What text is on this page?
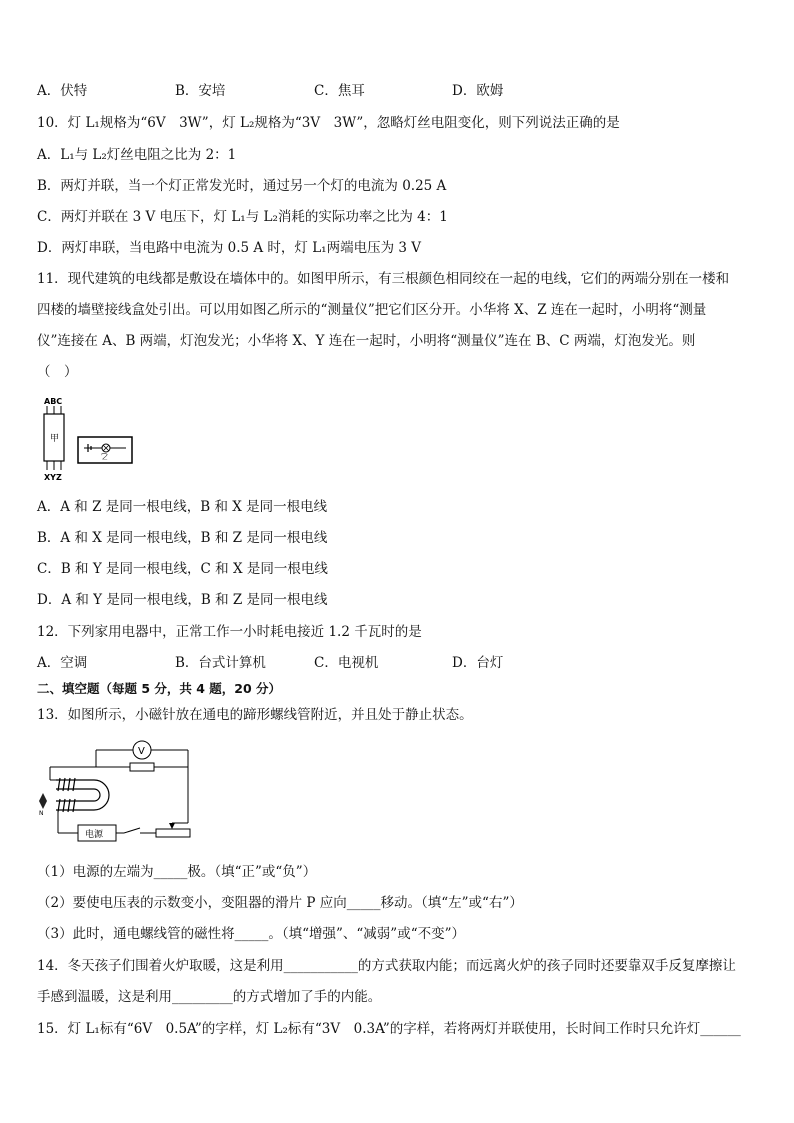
A．伏特	B．安培	C．焦耳	D．欧姆
10．灯 L₁规格为“6V　3W”，灯 L₂规格为“3V　3W”，忽略灯丝电阻变化，则下列说法正确的是
A．L₁与 L₂灯丝电阻之比为 2：1
B．两灯并联，当一个灯正常发光时，通过另一个灯的电流为 0.25 A
C．两灯并联在 3 V 电压下，灯 L₁与 L₂消耗的实际功率之比为 4：1
D．两灯串联，当电路中电流为 0.5 A 时，灯 L₁两端电压为 3 V
11．现代建筑的电线都是敷设在墙体中的。如图甲所示，有三根颜色相同绞在一起的电线，它们的两端分别在一楼和
四楼的墙壁接线盒处引出。可以用如图乙所示的“测量仪”把它们区分开。小华将 X、Z 连在一起时，小明将“测量
仪”连接在 A、B 两端，灯泡发光；小华将 X、Y 连在一起时，小明将“测量仪”连在 B、C 两端，灯泡发光。则
（　）
ABC
甲
XYZ
乙
A．A 和 Z 是同一根电线，B 和 X 是同一根电线
B．A 和 X 是同一根电线，B 和 Z 是同一根电线
C．B 和 Y 是同一根电线，C 和 X 是同一根电线
D．A 和 Y 是同一根电线，B 和 Z 是同一根电线
12．下列家用电器中，正常工作一小时耗电接近 1.2 千瓦时的是
A．空调	B．台式计算机	C．电视机	D．台灯
二、填空题（每题 5 分，共 4 题，20 分）
13．如图所示，小磁针放在通电的蹄形螺线管附近，并且处于静止状态。
V
N
电源
（1）电源的左端为_____极。（填“正”或“负”）
（2）要使电压表的示数变小，变阻器的滑片 P 应向_____移动。（填“左”或“右”）
（3）此时，通电螺线管的磁性将_____。（填“增强”、“减弱”或“不变”）
14．冬天孩子们围着火炉取暖，这是利用___________的方式获取内能；而远离火炉的孩子同时还要靠双手反复摩擦让
手感到温暖，这是利用_________的方式增加了手的内能。
15．灯 L₁标有“6V　0.5A”的字样，灯 L₂标有“3V　0.3A”的字样，若将两灯并联使用，长时间工作时只允许灯______
